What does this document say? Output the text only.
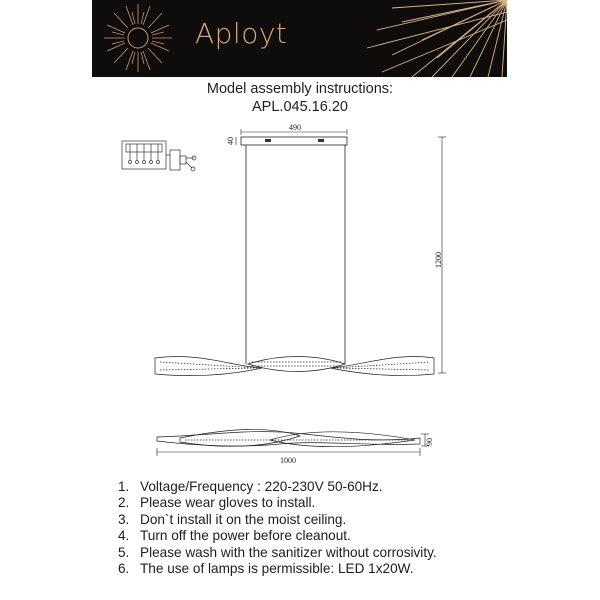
Aployt
Model assembly instructions:
APL.045.16.20
490
40
1200
90
1000
1. Voltage/Frequency : 220-230V 50-60Hz.
2. Please wear gloves to install.
3. Don`t install it on the moist ceiling.
4. Turn off the power before cleanout.
5. Please wash with the sanitizer without corrosivity.
6. The use of lamps is permissible: LED 1x20W.
